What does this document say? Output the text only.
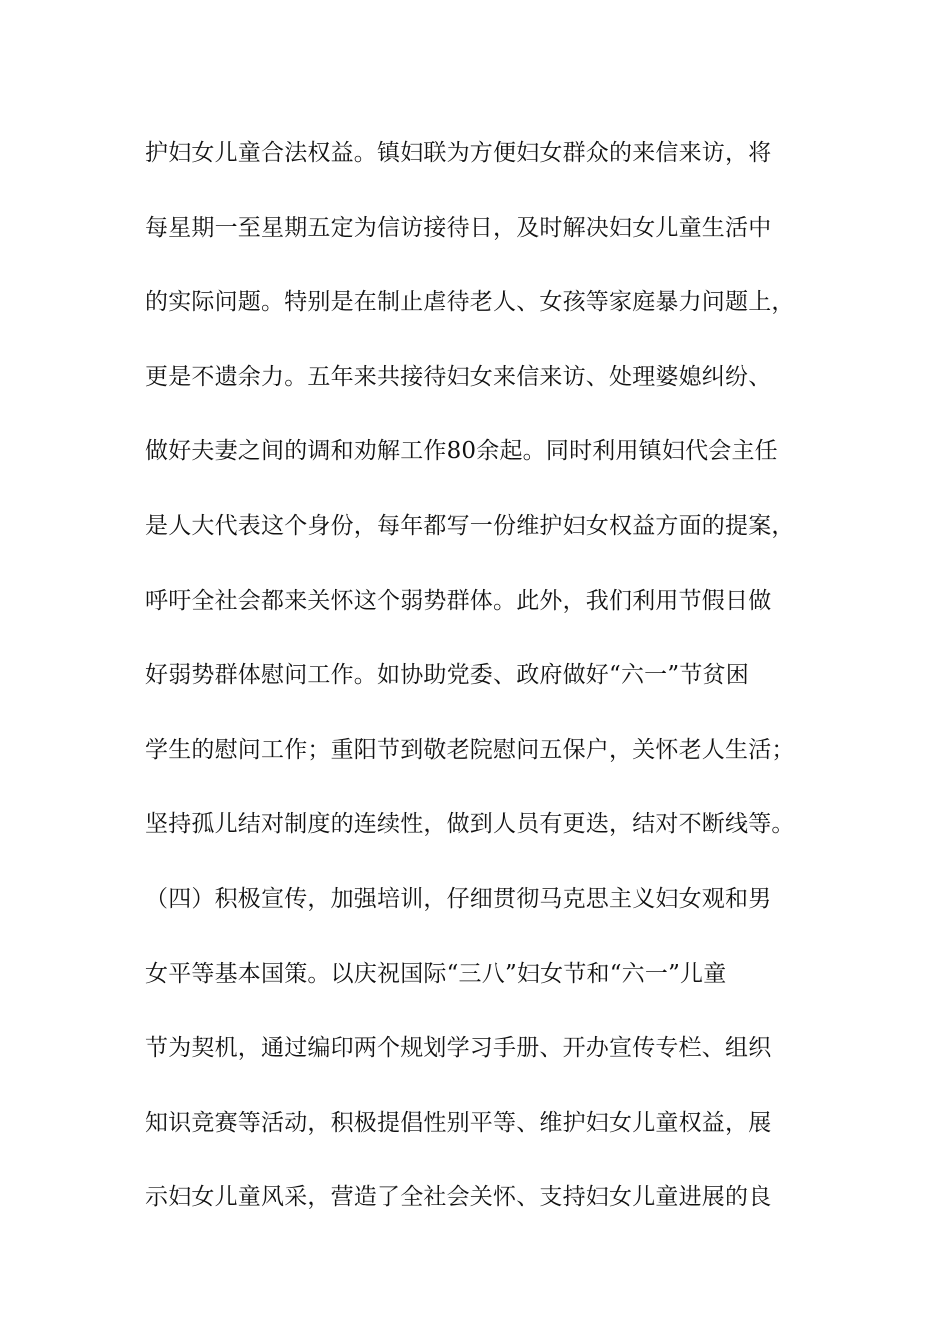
护妇女儿童合法权益。镇妇联为方便妇女群众的来信来访，将
每星期一至星期五定为信访接待日，及时解决妇女儿童生活中
的实际问题。特别是在制止虐待老人、女孩等家庭暴力问题上，
更是不遗余力。五年来共接待妇女来信来访、处理婆媳纠纷、
做好夫妻之间的调和劝解工作80余起。同时利用镇妇代会主任
是人大代表这个身份，每年都写一份维护妇女权益方面的提案，
呼吁全社会都来关怀这个弱势群体。此外，我们利用节假日做
好弱势群体慰问工作。如协助党委、政府做好“六一”节贫困
学生的慰问工作；重阳节到敬老院慰问五保户，关怀老人生活；
坚持孤儿结对制度的连续性，做到人员有更迭，结对不断线等。
（四）积极宣传，加强培训，仔细贯彻马克思主义妇女观和男
女平等基本国策。以庆祝国际“三八”妇女节和“六一”儿童
节为契机，通过编印两个规划学习手册、开办宣传专栏、组织
知识竞赛等活动，积极提倡性别平等、维护妇女儿童权益，展
示妇女儿童风采，营造了全社会关怀、支持妇女儿童进展的良
